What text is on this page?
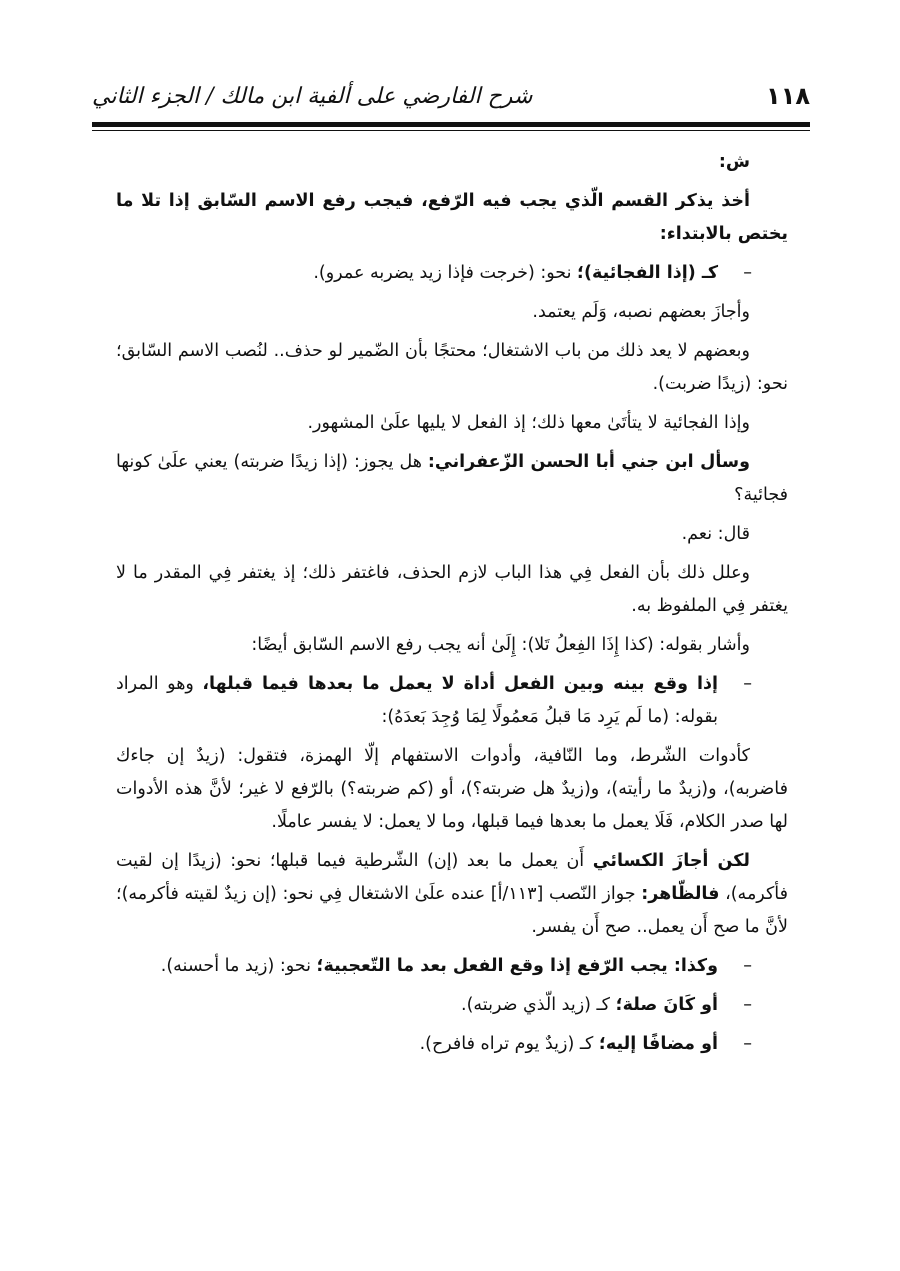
١١٨
شرح الفارضي على ألفية ابن مالك / الجزء الثاني

ش:

أخذ يذكر القسم الّذي يجب فيه الرّفع، فيجب رفع الاسم السّابق إذا تلا ما يختص بالابتداء:

–
كـ (إذا الفجائية)؛ نحو: (خرجت فإذا زيد يضربه عمرو).

وأجازَ بعضهم نصبه، وَلَم يعتمد.

وبعضهم لا يعد ذلك من باب الاشتغال؛ محتجًا بأن الضّمير لو حذف.. لنُصب الاسم السّابق؛ نحو: (زيدًا ضربت).

وإذا الفجائية لا يتأتَىٰ معها ذلك؛ إذ الفعل لا يليها علَىٰ المشهور.

وسأل ابن جني أبا الحسن الزّعفراني: هل يجوز: (إذا زيدًا ضربته) يعني علَىٰ كونها فجائية؟

قال: نعم.

وعلل ذلك بأن الفعل فِي هذا الباب لازم الحذف، فاغتفر ذلك؛ إذ يغتفر فِي المقدر ما لا يغتفر فِي الملفوظ به.

وأشار بقوله: (كذا إِذَا الفِعلُ تَلا): إِلَىٰ أنه يجب رفع الاسم السّابق أيضًا:

–
إذا وقع بينه وبين الفعل أداة لا يعمل ما بعدها فيما قبلها، وهو المراد بقوله: (ما لَم يَرِد مَا قبلُ مَعمُولًا لِمَا وُجِدَ بَعدَهُ):

كأدوات الشّرط، وما النّافية، وأدوات الاستفهام إلّا الهمزة، فتقول: (زيدٌ إن جاءك فاضربه)، و(زيدٌ ما رأيته)، و(زيدٌ هل ضربته؟)، أو (كم ضربته؟) بالرّفع لا غير؛ لأنَّ هذه الأدوات لها صدر الكلام، فَلَا يعمل ما بعدها فيما قبلها، وما لا يعمل: لا يفسر عاملًا.

لكن أجازَ الكسائي أَن يعمل ما بعد (إن) الشّرطية فيما قبلها؛ نحو: (زيدًا إن لقيت فأكرمه)، فالظّاهر: جواز النّصب [١١٣/أ] عنده علَىٰ الاشتغال فِي نحو: (إن زيدٌ لقيته فأكرمه)؛ لأنَّ ما صح أَن يعمل.. صح أَن يفسر.

–
وكذا: يجب الرّفع إذا وقع الفعل بعد ما التّعجبية؛ نحو: (زيد ما أحسنه).
–
أو كَانَ صلة؛ كـ (زيد الّذي ضربته).
–
أو مضافًا إليه؛ كـ (زيدٌ يوم تراه فافرح).
